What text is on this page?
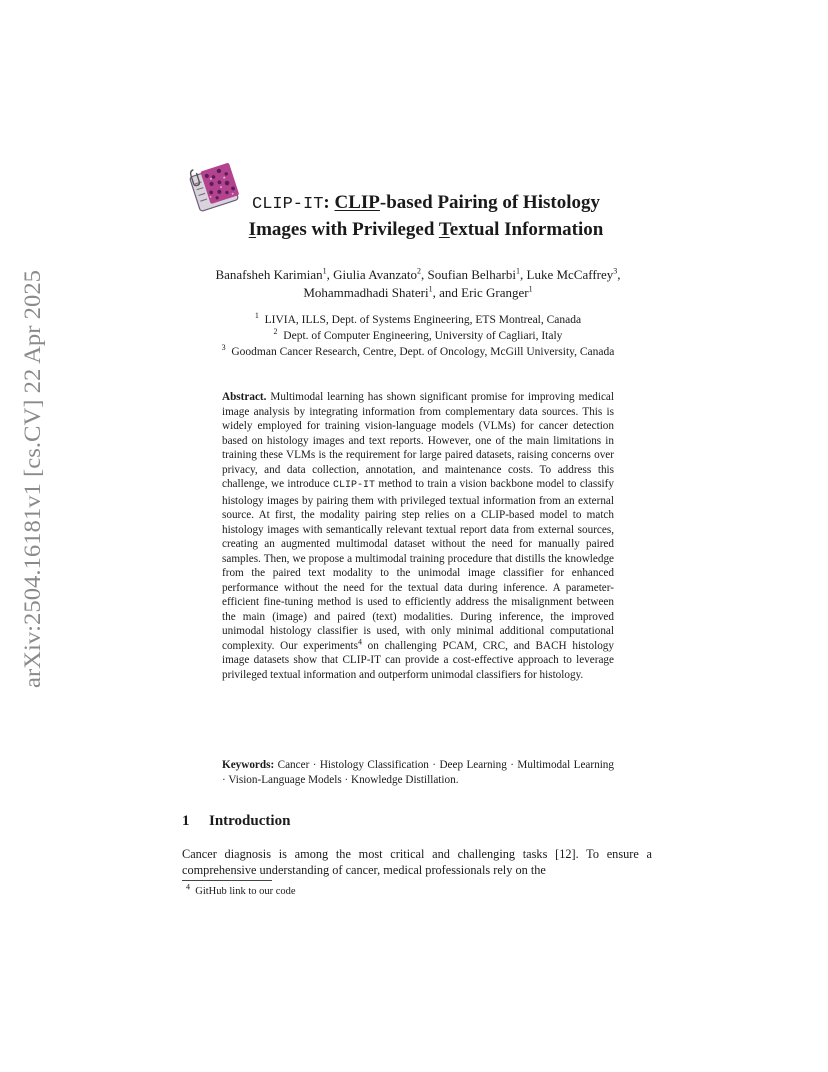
arXiv:2504.16181v1 [cs.CV] 22 Apr 2025
CLIP-IT: CLIP-based Pairing of Histology
Images with Privileged Textual Information
Banafsheh Karimian$^1$, Giulia Avanzato$^2$, Soufian Belharbi$^1$, Luke McCaffrey$^3$,
Mohammadhadi Shateri$^1$, and Eric Granger$^1$
$^1$ LIVIA, ILLS, Dept. of Systems Engineering, ETS Montreal, Canada
$^2$ Dept. of Computer Engineering, University of Cagliari, Italy
$^3$ Goodman Cancer Research, Centre, Dept. of Oncology, McGill University, Canada
Abstract. Multimodal learning has shown significant promise for improving medical image analysis by integrating information from complementary data sources. This is widely employed for training vision-language models (VLMs) for cancer detection based on histology images and text reports. However, one of the main limitations in training these VLMs is the requirement for large paired datasets, raising concerns over privacy, and data collection, annotation, and maintenance costs. To address this challenge, we introduce CLIP-IT method to train a vision backbone model to classify histology images by pairing them with privileged textual information from an external source. At first, the modality pairing step relies on a CLIP-based model to match histology images with semantically relevant textual report data from external sources, creating an augmented multimodal dataset without the need for manually paired samples. Then, we propose a multimodal training procedure that distills the knowledge from the paired text modality to the unimodal image classifier for enhanced performance without the need for the textual data during inference. A parameter-efficient fine-tuning method is used to efficiently address the misalignment between the main (image) and paired (text) modalities. During inference, the improved unimodal histology classifier is used, with only minimal additional computational complexity. Our experiments$^4$ on challenging PCAM, CRC, and BACH histology image datasets show that CLIP-IT can provide a cost-effective approach to leverage privileged textual information and outperform unimodal classifiers for histology.
Keywords: Cancer · Histology Classification · Deep Learning · Multimodal Learning · Vision-Language Models · Knowledge Distillation.
1 Introduction
Cancer diagnosis is among the most critical and challenging tasks [12]. To ensure a comprehensive understanding of cancer, medical professionals rely on the
$^4$ GitHub link to our code
